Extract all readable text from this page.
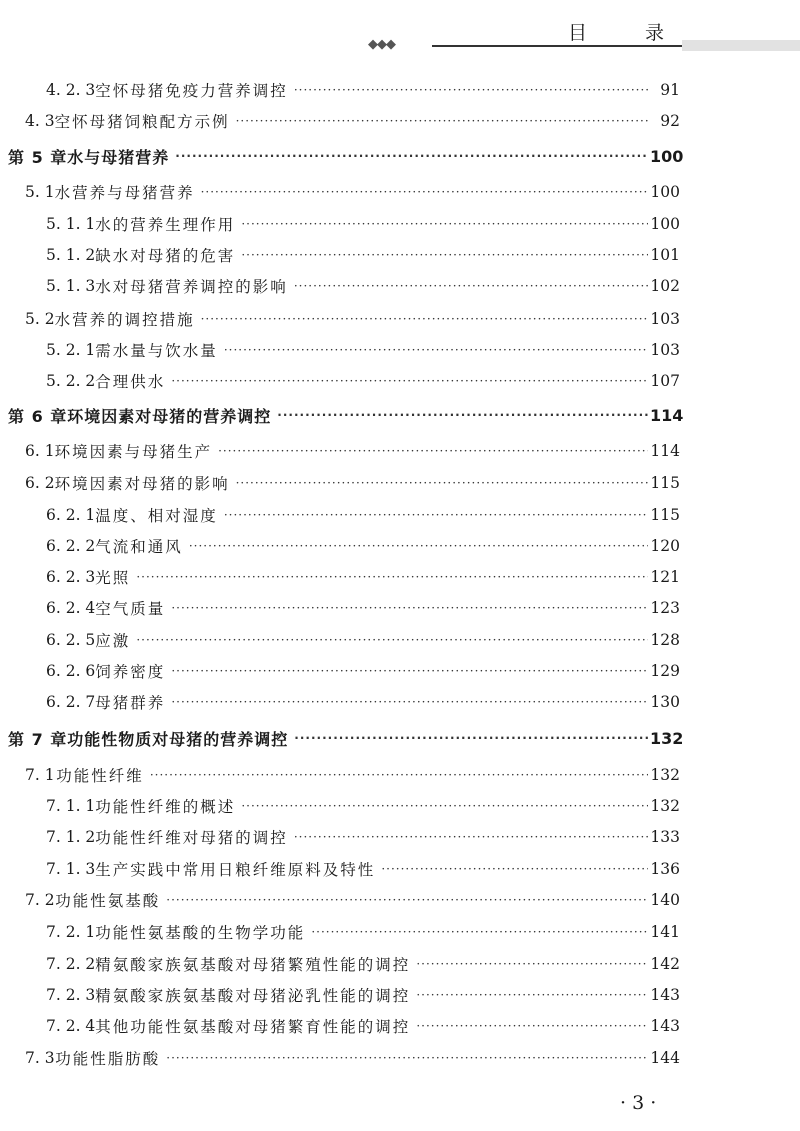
◆◆◆
目 录
4. 2. 3 空怀母猪免疫力营养调控 ·····	91
4. 3 空怀母猪饲粮配方示例 ·····	92
第 5 章 水与母猪营养 ·····	100
5. 1 水营养与母猪营养 ·····	100
5. 1. 1 水的营养生理作用 ·····	100
5. 1. 2 缺水对母猪的危害 ·····	101
5. 1. 3 水对母猪营养调控的影响 ·····	102
5. 2 水营养的调控措施 ·····	103
5. 2. 1 需水量与饮水量 ·····	103
5. 2. 2 合理供水 ·····	107
第 6 章 环境因素对母猪的营养调控 ·····	114
6. 1 环境因素与母猪生产 ·····	114
6. 2 环境因素对母猪的影响 ·····	115
6. 2. 1 温度、相对湿度 ·····	115
6. 2. 2 气流和通风 ·····	120
6. 2. 3 光照 ·····	121
6. 2. 4 空气质量 ·····	123
6. 2. 5 应激 ·····	128
6. 2. 6 饲养密度 ·····	129
6. 2. 7 母猪群养 ·····	130
第 7 章 功能性物质对母猪的营养调控 ·····	132
7. 1 功能性纤维 ·····	132
7. 1. 1 功能性纤维的概述 ·····	132
7. 1. 2 功能性纤维对母猪的调控 ·····	133
7. 1. 3 生产实践中常用日粮纤维原料及特性 ·····	136
7. 2 功能性氨基酸 ·····	140
7. 2. 1 功能性氨基酸的生物学功能 ·····	141
7. 2. 2 精氨酸家族氨基酸对母猪繁殖性能的调控 ·····	142
7. 2. 3 精氨酸家族氨基酸对母猪泌乳性能的调控 ·····	143
7. 2. 4 其他功能性氨基酸对母猪繁育性能的调控 ·····	143
7. 3 功能性脂肪酸 ·····	144
· 3 ·
